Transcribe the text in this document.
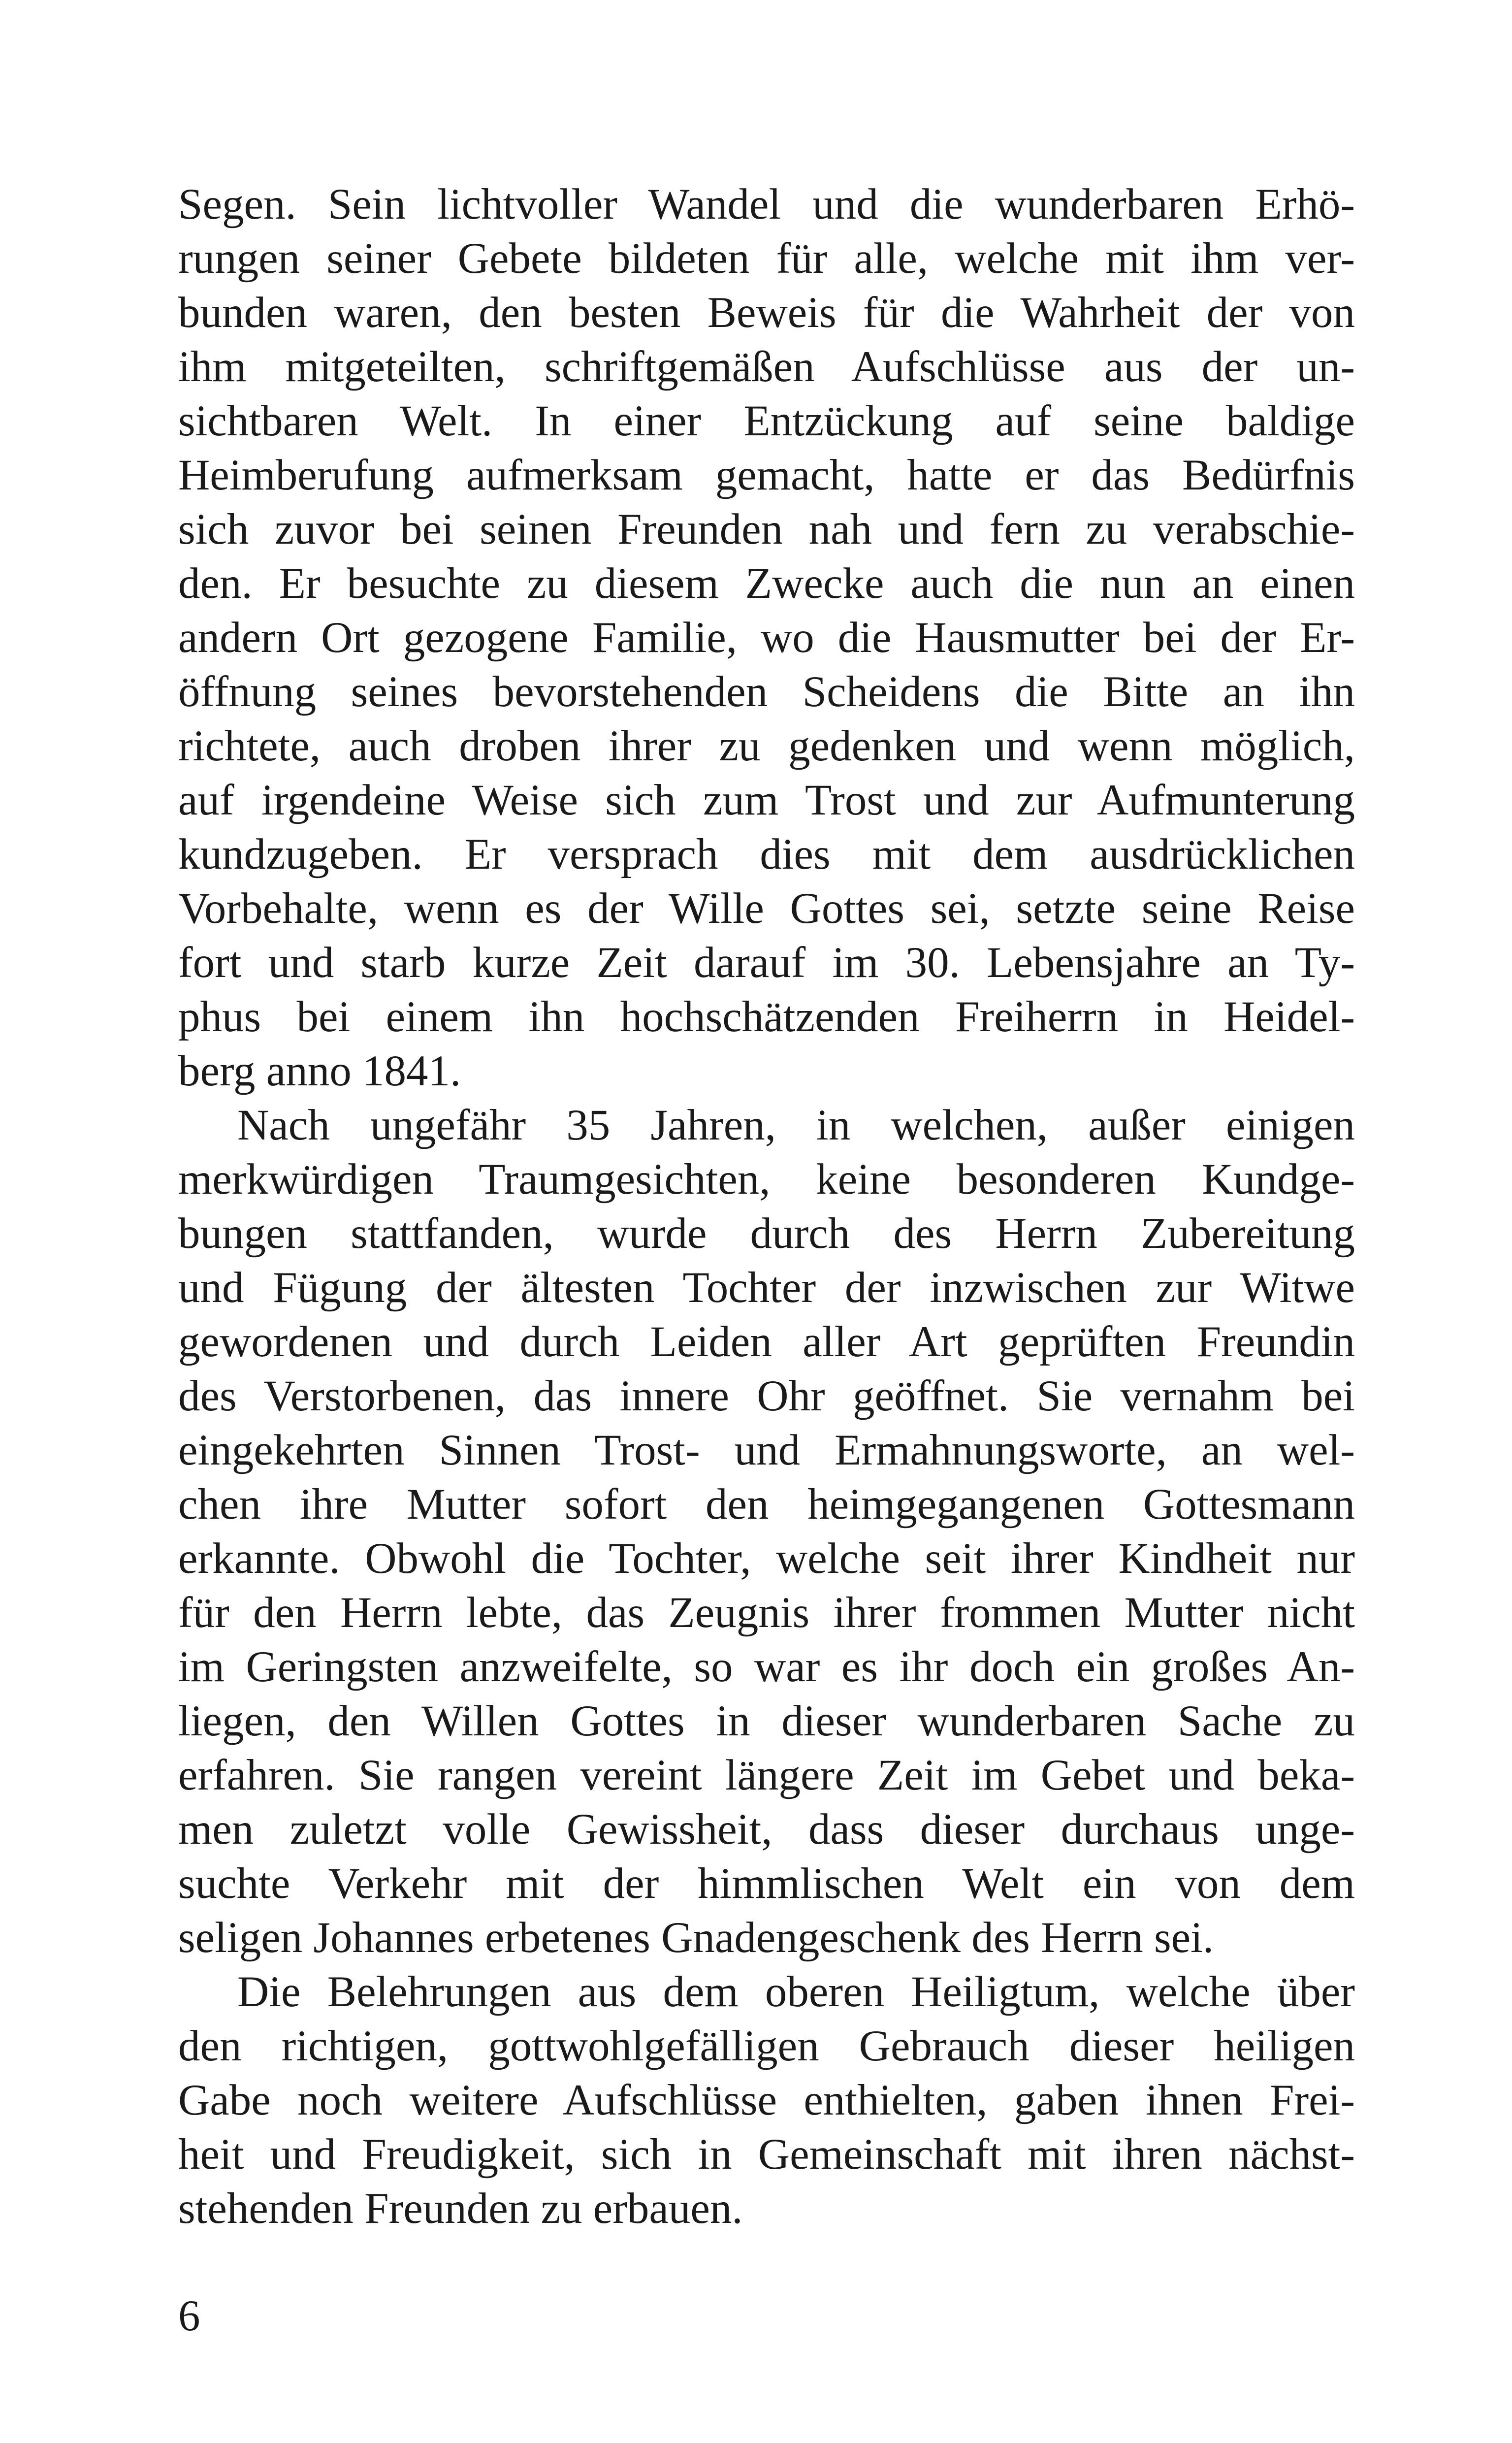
Segen. Sein lichtvoller Wandel und die wunderbaren Erhö-
rungen seiner Gebete bildeten für alle, welche mit ihm ver-
bunden waren, den besten Beweis für die Wahrheit der von
ihm mitgeteilten, schriftgemäßen Aufschlüsse aus der un-
sichtbaren Welt. In einer Entzückung auf seine baldige
Heimberufung aufmerksam gemacht, hatte er das Bedürfnis
sich zuvor bei seinen Freunden nah und fern zu verabschie-
den. Er besuchte zu diesem Zwecke auch die nun an einen
andern Ort gezogene Familie, wo die Hausmutter bei der Er-
öffnung seines bevorstehenden Scheidens die Bitte an ihn
richtete, auch droben ihrer zu gedenken und wenn möglich,
auf irgendeine Weise sich zum Trost und zur Aufmunterung
kundzugeben. Er versprach dies mit dem ausdrücklichen
Vorbehalte, wenn es der Wille Gottes sei, setzte seine Reise
fort und starb kurze Zeit darauf im 30. Lebensjahre an Ty-
phus bei einem ihn hochschätzenden Freiherrn in Heidel-
berg anno 1841.
Nach ungefähr 35 Jahren, in welchen, außer einigen
merkwürdigen Traumgesichten, keine besonderen Kundge-
bungen stattfanden, wurde durch des Herrn Zubereitung
und Fügung der ältesten Tochter der inzwischen zur Witwe
gewordenen und durch Leiden aller Art geprüften Freundin
des Verstorbenen, das innere Ohr geöffnet. Sie vernahm bei
eingekehrten Sinnen Trost- und Ermahnungsworte, an wel-
chen ihre Mutter sofort den heimgegangenen Gottesmann
erkannte. Obwohl die Tochter, welche seit ihrer Kindheit nur
für den Herrn lebte, das Zeugnis ihrer frommen Mutter nicht
im Geringsten anzweifelte, so war es ihr doch ein großes An-
liegen, den Willen Gottes in dieser wunderbaren Sache zu
erfahren. Sie rangen vereint längere Zeit im Gebet und beka-
men zuletzt volle Gewissheit, dass dieser durchaus unge-
suchte Verkehr mit der himmlischen Welt ein von dem
seligen Johannes erbetenes Gnadengeschenk des Herrn sei.
Die Belehrungen aus dem oberen Heiligtum, welche über
den richtigen, gottwohlgefälligen Gebrauch dieser heiligen
Gabe noch weitere Aufschlüsse enthielten, gaben ihnen Frei-
heit und Freudigkeit, sich in Gemeinschaft mit ihren nächst-
stehenden Freunden zu erbauen.
6
